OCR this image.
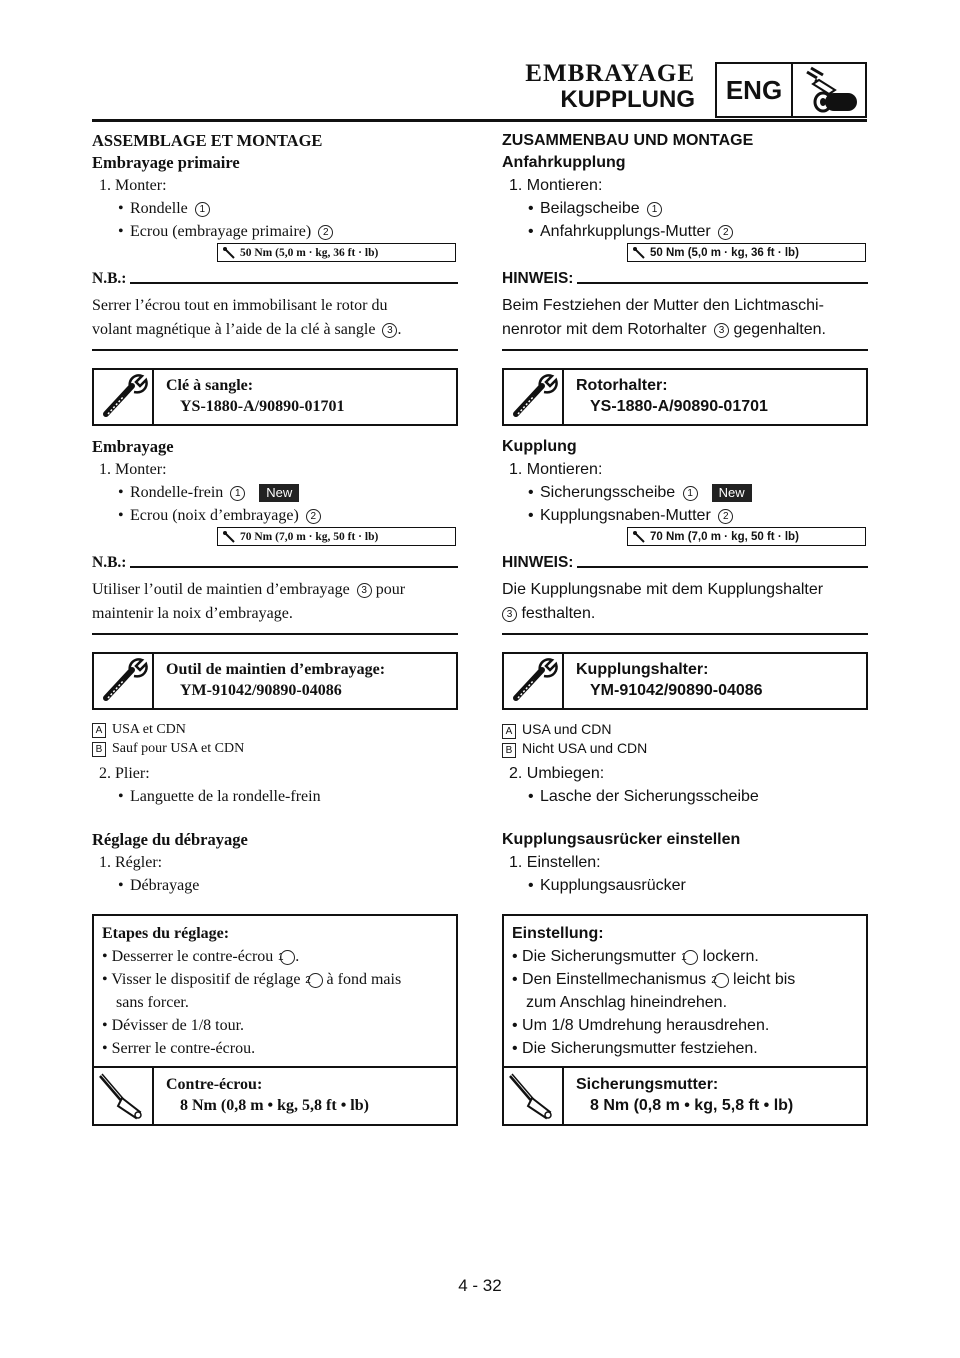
EMBRAYAGE
KUPPLUNG	ENG

ASSEMBLAGE ET MONTAGE

Embrayage primaire

1. Monter:

• Rondelle 1

• Ecrou (embrayage primaire) 2

50 Nm (5,0 m · kg, 36 ft · lb)
N.B.:

Serrer l’écrou tout en immobilisant le rotor du
volant magnétique à l’aide de la clé à sangle 3 .

Clé à sangle:
YS-1880-A/90890-01701

Embrayage

1. Monter:

• Rondelle-frein 1 New

• Ecrou (noix d’embrayage) 2

70 Nm (7,0 m · kg, 50 ft · lb)
N.B.:

Utiliser l’outil de maintien d’embrayage 3 pour
maintenir la noix d’embrayage.

Outil de maintien d’embrayage:
YM-91042/90890-04086

A USA et CDN

B Sauf pour USA et CDN

2. Plier:

• Languette de la rondelle-frein

Réglage du débrayage

1. Régler:

• Débrayage

Etapes du réglage:
• Desserrer le contre-écrou 1 .
• Visser le dispositif de réglage 2 à fond mais
sans forcer.
• Dévisser de 1/8 tour.
• Serrer le contre-écrou.
Contre-écrou:
8 Nm (0,8 m • kg, 5,8 ft • lb)

ZUSAMMENBAU UND MONTAGE

Anfahrkupplung

1. Montieren:

• Beilagscheibe 1

• Anfahrkupplungs-Mutter 2

50 Nm (5,0 m · kg, 36 ft · lb)
HINWEIS:

Beim Festziehen der Mutter den Lichtmaschi-
nenrotor mit dem Rotorhalter 3 gegenhalten.

Rotorhalter:
YS-1880-A/90890-01701

Kupplung

1. Montieren:

• Sicherungsscheibe 1 New

• Kupplungsnaben-Mutter 2

70 Nm (7,0 m · kg, 50 ft · lb)
HINWEIS:

Die Kupplungsnabe mit dem Kupplungshalter
3 festhalten.

Kupplungshalter:
YM-91042/90890-04086

A USA und CDN

B Nicht USA und CDN

2. Umbiegen:

• Lasche der Sicherungsscheibe

Kupplungsausrücker einstellen

1. Einstellen:

• Kupplungsausrücker

Einstellung:
• Die Sicherungsmutter 1 lockern.
• Den Einstellmechanismus 2 leicht bis
zum Anschlag hineindrehen.
• Um 1/8 Umdrehung herausdrehen.
• Die Sicherungsmutter festziehen.
Sicherungsmutter:
8 Nm (0,8 m • kg, 5,8 ft • lb)
4 - 32
